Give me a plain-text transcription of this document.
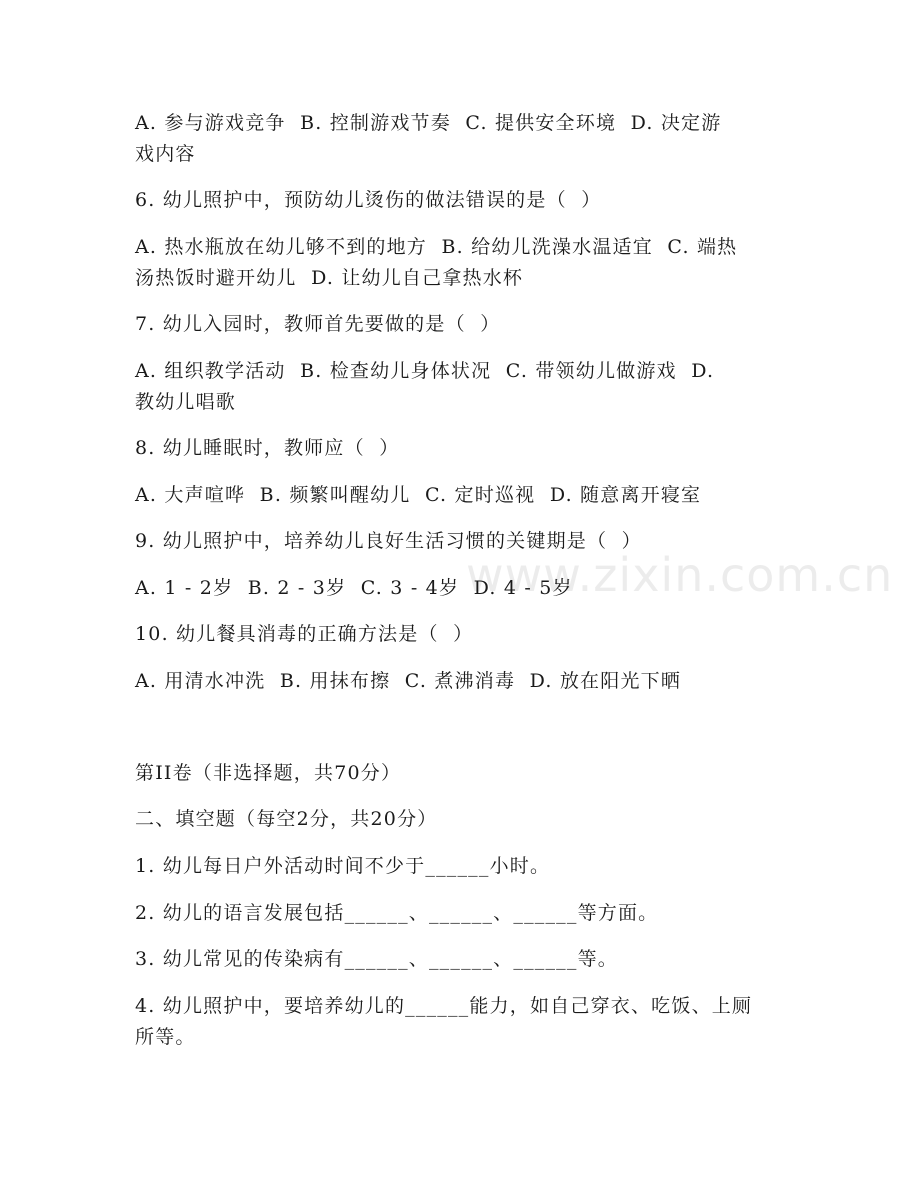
www.zixin.com.cn
A. 参与游戏竞争  B. 控制游戏节奏  C. 提供安全环境  D. 决定游
戏内容
6. 幼儿照护中，预防幼儿烫伤的做法错误的是（  ）
A. 热水瓶放在幼儿够不到的地方  B. 给幼儿洗澡水温适宜  C. 端热
汤热饭时避开幼儿  D. 让幼儿自己拿热水杯
7. 幼儿入园时，教师首先要做的是（  ）
A. 组织教学活动  B. 检查幼儿身体状况  C. 带领幼儿做游戏  D.
教幼儿唱歌
8. 幼儿睡眠时，教师应（  ）
A. 大声喧哗  B. 频繁叫醒幼儿  C. 定时巡视  D. 随意离开寝室
9. 幼儿照护中，培养幼儿良好生活习惯的关键期是（  ）
A. 1 - 2岁  B. 2 - 3岁  C. 3 - 4岁  D. 4 - 5岁
10. 幼儿餐具消毒的正确方法是（  ）
A. 用清水冲洗  B. 用抹布擦  C. 煮沸消毒  D. 放在阳光下晒
第II卷（非选择题，共70分）
二、填空题（每空2分，共20分）
1. 幼儿每日户外活动时间不少于______小时。
2. 幼儿的语言发展包括______、______、______等方面。
3. 幼儿常见的传染病有______、______、______等。
4. 幼儿照护中，要培养幼儿的______能力，如自己穿衣、吃饭、上厕
所等。
